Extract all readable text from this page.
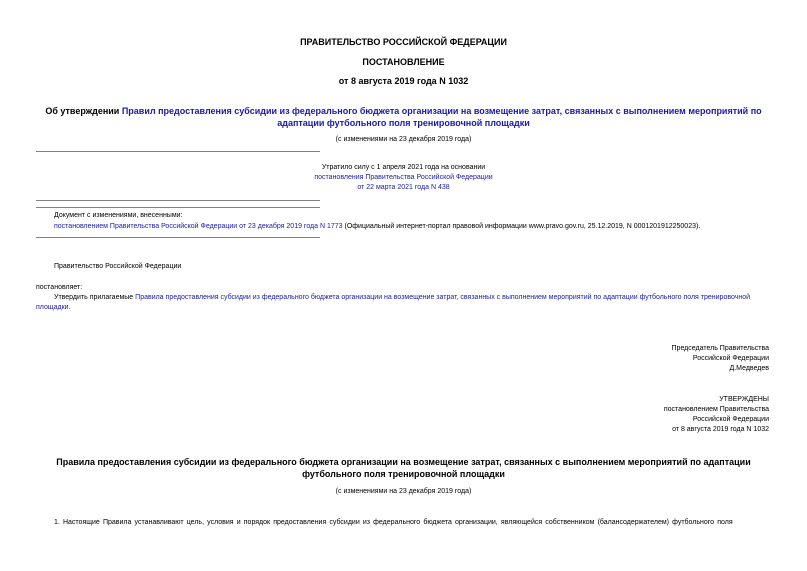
ПРАВИТЕЛЬСТВО РОССИЙСКОЙ ФЕДЕРАЦИИ
ПОСТАНОВЛЕНИЕ
от 8 августа 2019 года N 1032
Об утверждении Правил предоставления субсидии из федерального бюджета организации на возмещение затрат, связанных с выполнением мероприятий по адаптации футбольного поля тренировочной площадки
(с изменениями на 23 декабря 2019 года)
Утратило силу с 1 апреля 2021 года на основании
постановления Правительства Российской Федерации
от 22 марта 2021 года N 438
Документ с изменениями, внесенными:
постановлением Правительства Российской Федерации от 23 декабря 2019 года N 1773 (Официальный интернет-портал правовой информации www.pravo.gov.ru, 25.12.2019, N 0001201912250023).
Правительство Российской Федерации
постановляет:
Утвердить прилагаемые Правила предоставления субсидии из федерального бюджета организации на возмещение затрат, связанных с выполнением мероприятий по адаптации футбольного поля тренировочной площадки.
Председатель Правительства
Российской Федерации
Д.Медведев
УТВЕРЖДЕНЫ
постановлением Правительства
Российской Федерации
от 8 августа 2019 года N 1032
Правила предоставления субсидии из федерального бюджета организации на возмещение затрат, связанных с выполнением мероприятий по адаптации футбольного поля тренировочной площадки
(с изменениями на 23 декабря 2019 года)
1. Настоящие Правила устанавливают цель, условия и порядок предоставления субсидии из федерального бюджета организации, являющейся собственником (балансодержателем) футбольного поля
